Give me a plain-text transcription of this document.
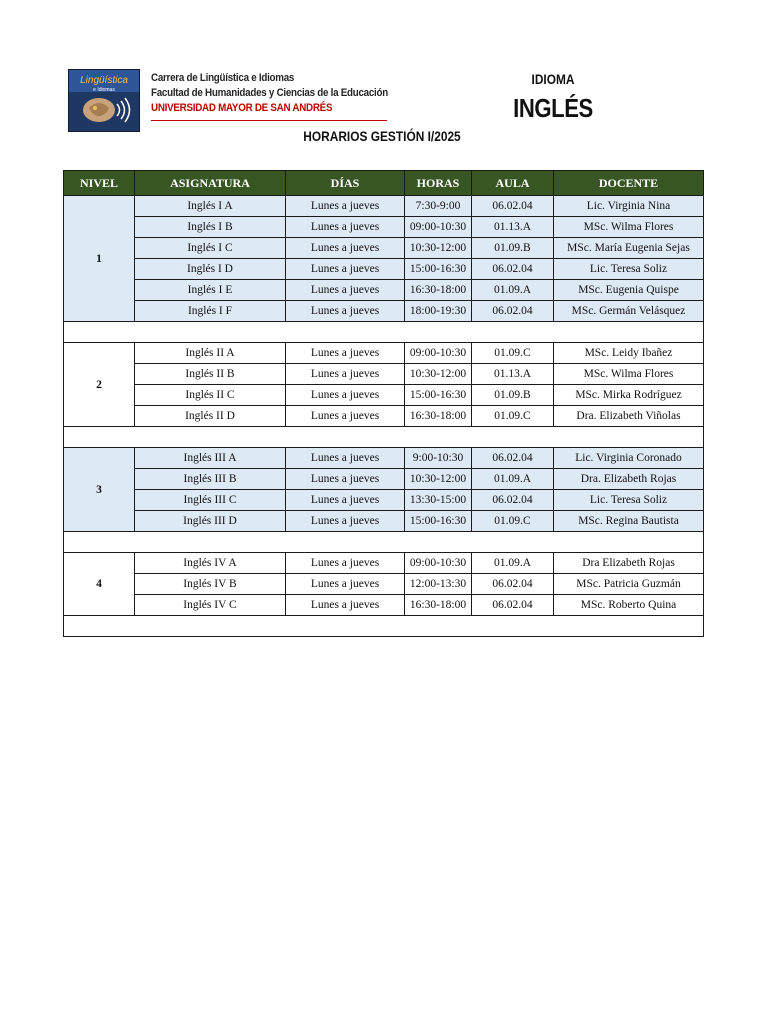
Lingüística
e Idiomas
Carrera de Lingüística e Idiomas
Facultad de Humanidades y Ciencias de la Educación
UNIVERSIDAD MAYOR DE SAN ANDRÉS
IDIOMA
INGLÉS
HORARIOS GESTIÓN I/2025
NIVEL	ASIGNATURA	DÍAS	HORAS	AULA	DOCENTE
1	Inglés I A	Lunes a jueves	7:30-9:00	06.02.04	Lic. Virginia Nina
	Inglés I B	Lunes a jueves	09:00-10:30	01.13.A	MSc. Wilma Flores
	Inglés I C	Lunes a jueves	10:30-12:00	01.09.B	MSc. María Eugenia Sejas
	Inglés I D	Lunes a jueves	15:00-16:30	06.02.04	Lic. Teresa Soliz
	Inglés I E	Lunes a jueves	16:30-18:00	01.09.A	MSc. Eugenia Quispe
	Inglés I F	Lunes a jueves	18:00-19:30	06.02.04	MSc. Germán Velásquez

2	Inglés II A	Lunes a jueves	09:00-10:30	01.09.C	MSc. Leidy Ibañez
	Inglés II B	Lunes a jueves	10:30-12:00	01.13.A	MSc. Wilma Flores
	Inglés II C	Lunes a jueves	15:00-16:30	01.09.B	MSc. Mirka Rodríguez
	Inglés II D	Lunes a jueves	16:30-18:00	01.09.C	Dra. Elizabeth Viñolas

3	Inglés III A	Lunes a jueves	9:00-10:30	06.02.04	Lic. Virginia Coronado
	Inglés III B	Lunes a jueves	10:30-12:00	01.09.A	Dra. Elizabeth Rojas
	Inglés III C	Lunes a jueves	13:30-15:00	06.02.04	Lic. Teresa Soliz
	Inglés III D	Lunes a jueves	15:00-16:30	01.09.C	MSc. Regina Bautista

4	Inglés IV A	Lunes a jueves	09:00-10:30	01.09.A	Dra Elizabeth Rojas
	Inglés IV B	Lunes a jueves	12:00-13:30	06.02.04	MSc. Patricia Guzmán
	Inglés IV C	Lunes a jueves	16:30-18:00	06.02.04	MSc. Roberto Quina
